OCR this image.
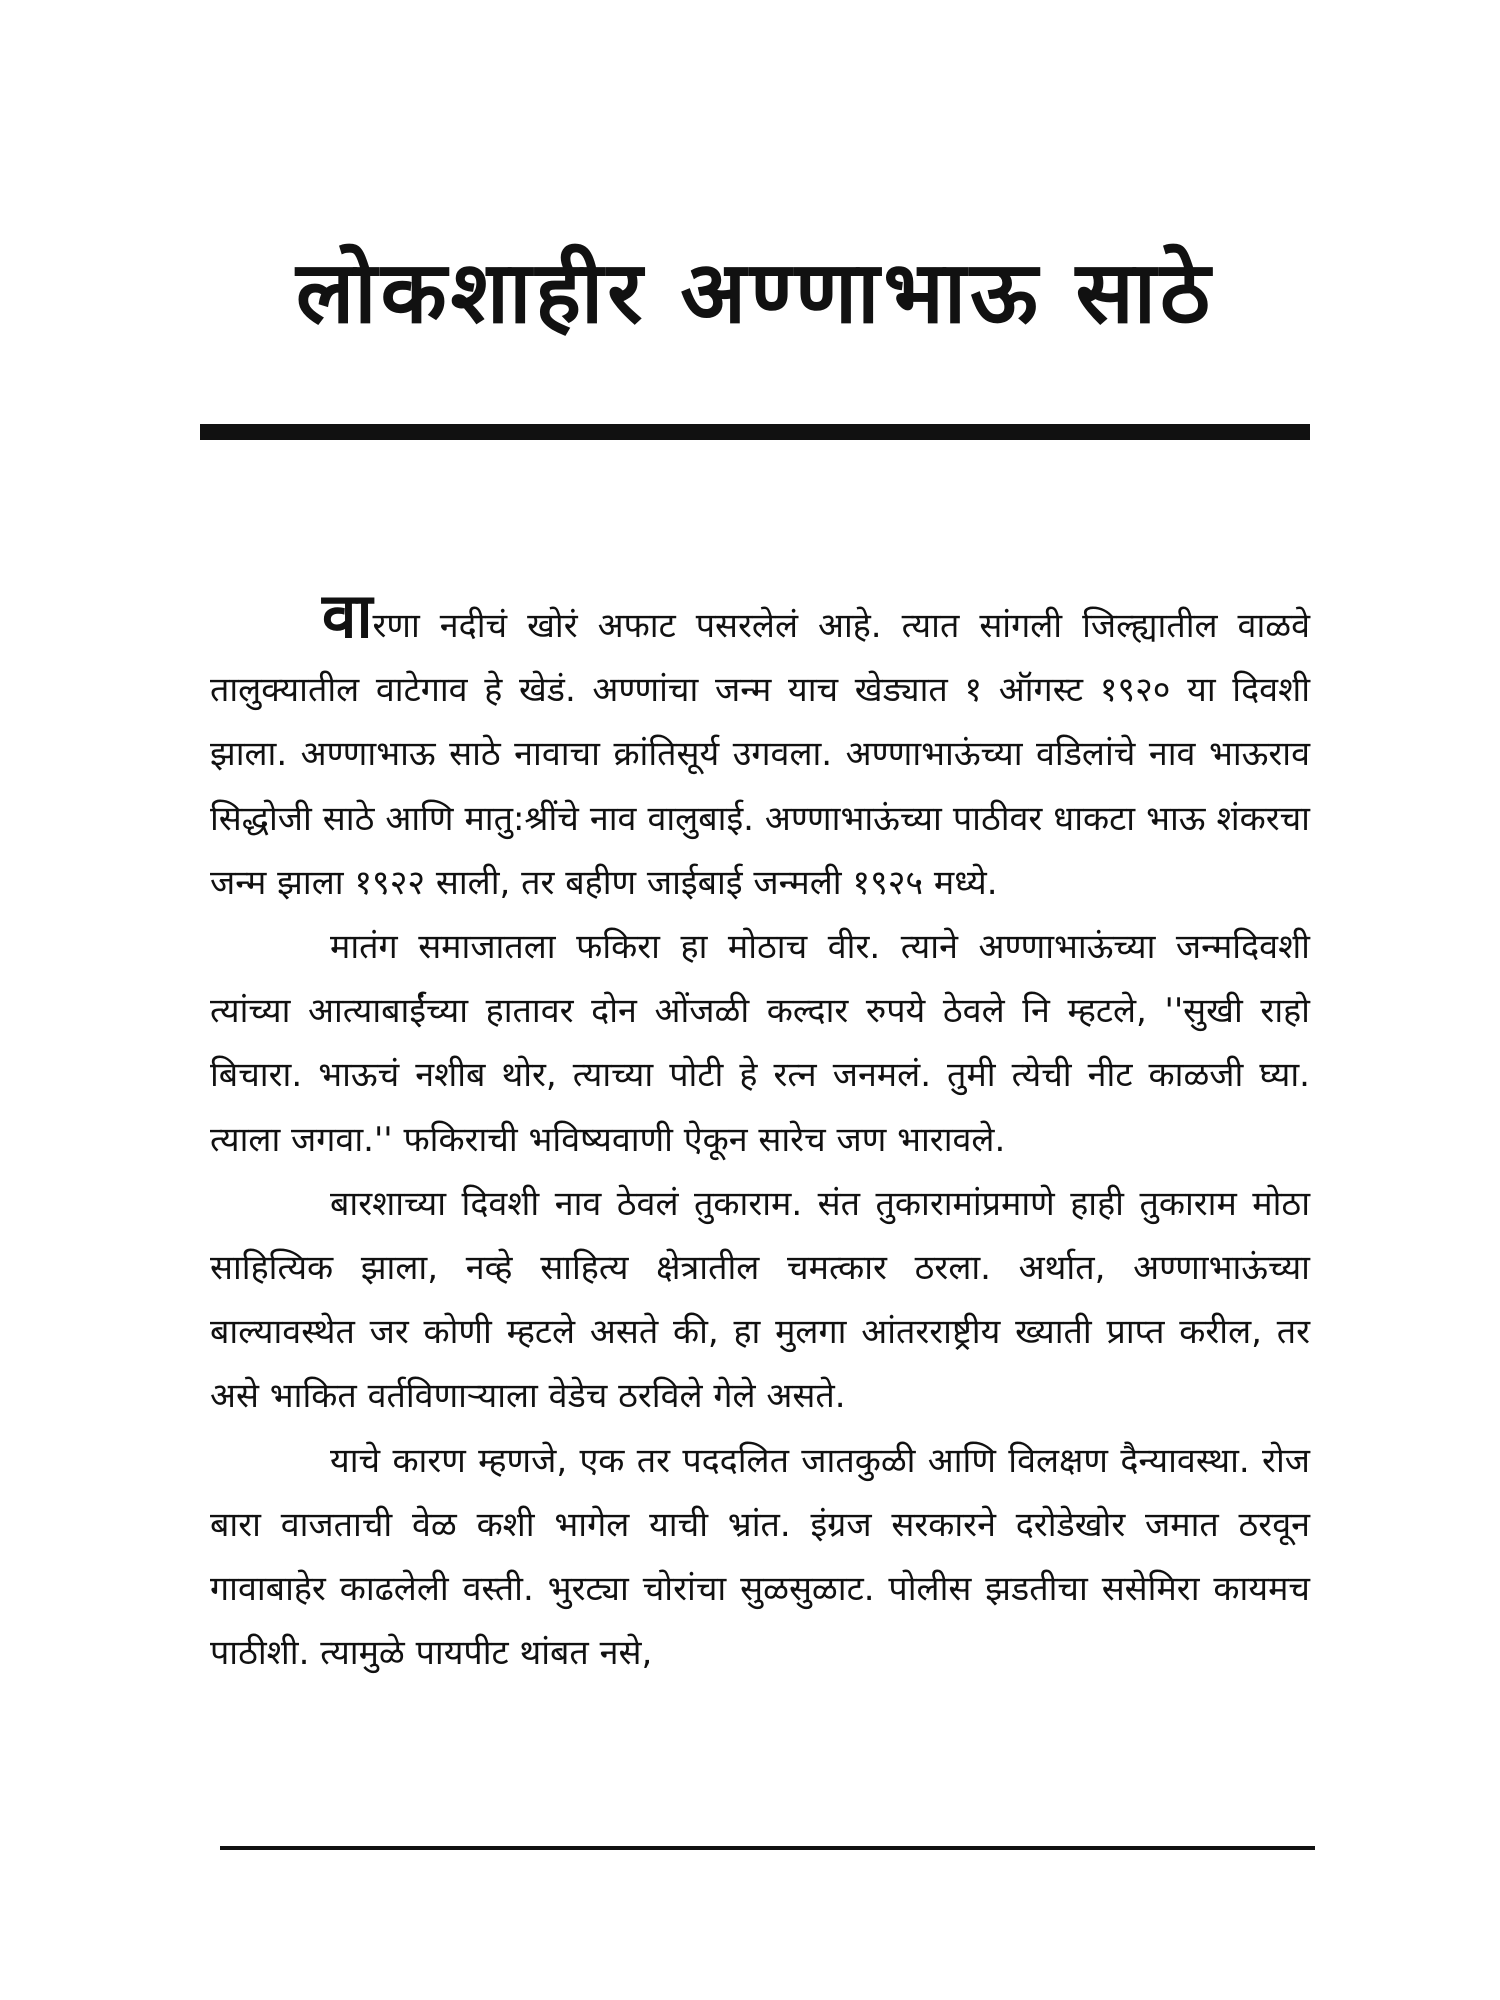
लोकशाहीर अण्णाभाऊ साठे

वारणा नदीचं खोरं अफाट पसरलेलं आहे. त्यात सांगली जिल्ह्यातील वाळवे तालुक्यातील वाटेगाव हे खेडं. अण्णांचा जन्म याच खेड्यात १ ऑगस्ट १९२० या दिवशी झाला. अण्णाभाऊ साठे नावाचा क्रांतिसूर्य उगवला. अण्णाभाऊंच्या वडिलांचे नाव भाऊराव सिद्धोजी साठे आणि मातु:श्रींचे नाव वालुबाई. अण्णाभाऊंच्या पाठीवर धाकटा भाऊ शंकरचा जन्म झाला १९२२ साली, तर बहीण जाईबाई जन्मली १९२५ मध्ये.

मातंग समाजातला फकिरा हा मोठाच वीर. त्याने अण्णाभाऊंच्या जन्मदिवशी त्यांच्या आत्याबाईंच्या हातावर दोन ओंजळी कल्दार रुपये ठेवले नि म्हटले, ''सुखी राहो बिचारा. भाऊचं नशीब थोर, त्याच्या पोटी हे रत्न जनमलं. तुमी त्येची नीट काळजी घ्या. त्याला जगवा.'' फकिराची भविष्यवाणी ऐकून सारेच जण भारावले.

बारशाच्या दिवशी नाव ठेवलं तुकाराम. संत तुकारामांप्रमाणे हाही तुकाराम मोठा साहित्यिक झाला, नव्हे साहित्य क्षेत्रातील चमत्कार ठरला. अर्थात, अण्णाभाऊंच्या बाल्यावस्थेत जर कोणी म्हटले असते की, हा मुलगा आंतरराष्ट्रीय ख्याती प्राप्त करील, तर असे भाकित वर्तविणाऱ्याला वेडेच ठरविले गेले असते.

याचे कारण म्हणजे, एक तर पददलित जातकुळी आणि विलक्षण दैन्यावस्था. रोज बारा वाजताची वेळ कशी भागेल याची भ्रांत. इंग्रज सरकारने दरोडेखोर जमात ठरवून गावाबाहेर काढलेली वस्ती. भुरट्या चोरांचा सुळसुळाट. पोलीस झडतीचा ससेमिरा कायमच पाठीशी. त्यामुळे पायपीट थांबत नसे,
